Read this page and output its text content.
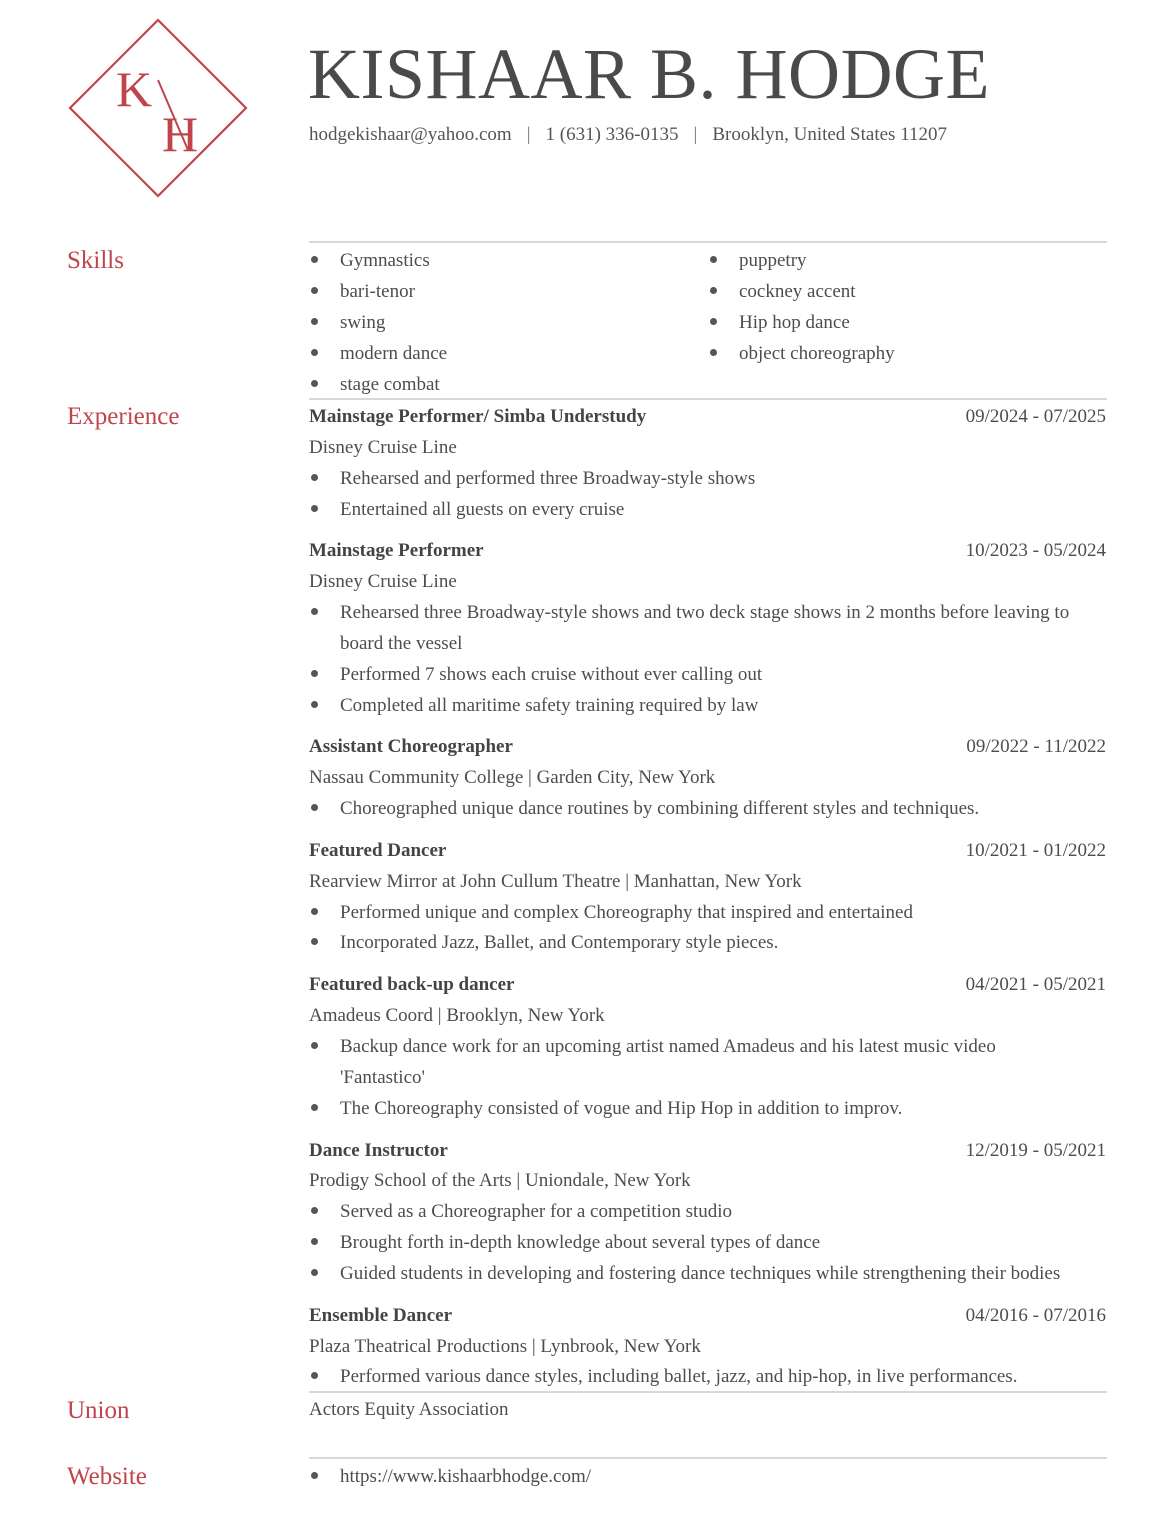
K
H
KISHAAR B. HODGE
hodgekishaar@yahoo.com | 1 (631) 336-0135 | Brooklyn, United States 11207
Skills	Gymnastics
bari-tenor
swing
modern dance
stage combat
puppetry
cockney accent
Hip hop dance
object choreography
Experience	Mainstage Performer/ Simba Understudy	09/2024 - 07/2025
Disney Cruise Line
Rehearsed and performed three Broadway-style shows
Entertained all guests on every cruise
Mainstage Performer	10/2023 - 05/2024
Disney Cruise Line
Rehearsed three Broadway-style shows and two deck stage shows in 2 months before leaving to
board the vessel
Performed 7 shows each cruise without ever calling out
Completed all maritime safety training required by law
Assistant Choreographer	09/2022 - 11/2022
Nassau Community College | Garden City, New York
Choreographed unique dance routines by combining different styles and techniques.
Featured Dancer	10/2021 - 01/2022
Rearview Mirror at John Cullum Theatre | Manhattan, New York
Performed unique and complex Choreography that inspired and entertained
Incorporated Jazz, Ballet, and Contemporary style pieces.
Featured back-up dancer	04/2021 - 05/2021
Amadeus Coord | Brooklyn, New York
Backup dance work for an upcoming artist named Amadeus and his latest music video
'Fantastico'
The Choreography consisted of vogue and Hip Hop in addition to improv.
Dance Instructor	12/2019 - 05/2021
Prodigy School of the Arts | Uniondale, New York
Served as a Choreographer for a competition studio
Brought forth in-depth knowledge about several types of dance
Guided students in developing and fostering dance techniques while strengthening their bodies
Ensemble Dancer	04/2016 - 07/2016
Plaza Theatrical Productions | Lynbrook, New York
Performed various dance styles, including ballet, jazz, and hip-hop, in live performances.
Union	Actors Equity Association
Website	https://www.kishaarbhodge.com/
